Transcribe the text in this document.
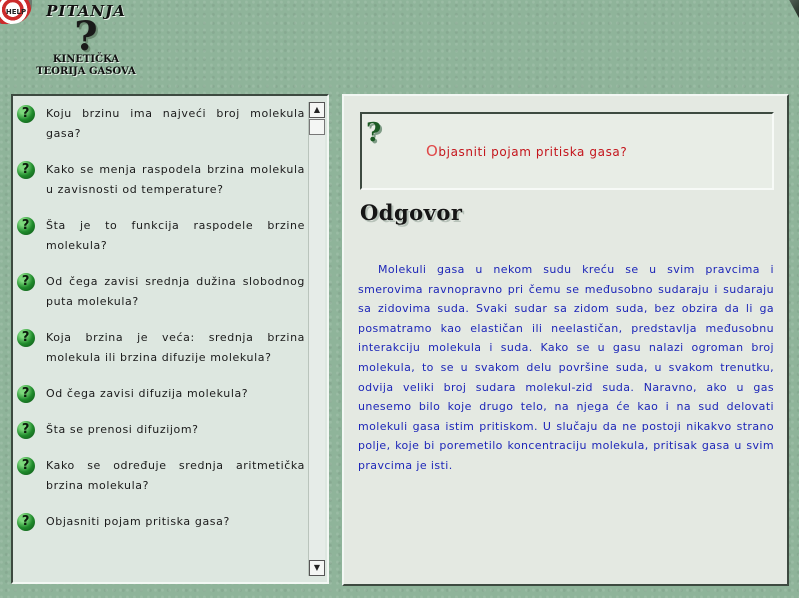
HELP	PITANJA
?
KINETIČKA
TEORIJA GASOVA
?	Koju brzinu ima najveći broj molekula gasa?
?	Kako se menja raspodela brzina molekula u zavisnosti od temperature?
?	Šta je to funkcija raspodele brzine molekula?
?	Od čega zavisi srednja dužina slobodnog puta molekula?
?	Koja brzina je veća: srednja brzina molekula ili brzina difuzije molekula?
?	Od čega zavisi difuzija molekula?
?	Šta se prenosi difuzijom?
?	Kako se određuje srednja aritmetička brzina molekula?
?	Objasniti pojam pritiska gasa?
▲
▼
?
Objasniti pojam pritiska gasa?
Odgovor
Molekuli gasa u nekom sudu kreću se u svim pravcima i smerovima ravnopravno pri čemu se međusobno sudaraju i sudaraju sa zidovima suda. Svaki sudar sa zidom suda, bez obzira da li ga posmatramo kao elastičan ili neelastičan, predstavlja međusobnu interakciju molekula i suda. Kako se u gasu nalazi ogroman broj molekula, to se u svakom delu površine suda, u svakom trenutku, odvija veliki broj sudara molekul-zid suda. Naravno, ako u gas unesemo bilo koje drugo telo, na njega će kao i na sud delovati molekuli gasa istim pritiskom. U slučaju da ne postoji nikakvo strano polje, koje bi poremetilo koncentraciju molekula, pritisak gasa u svim pravcima je isti.
